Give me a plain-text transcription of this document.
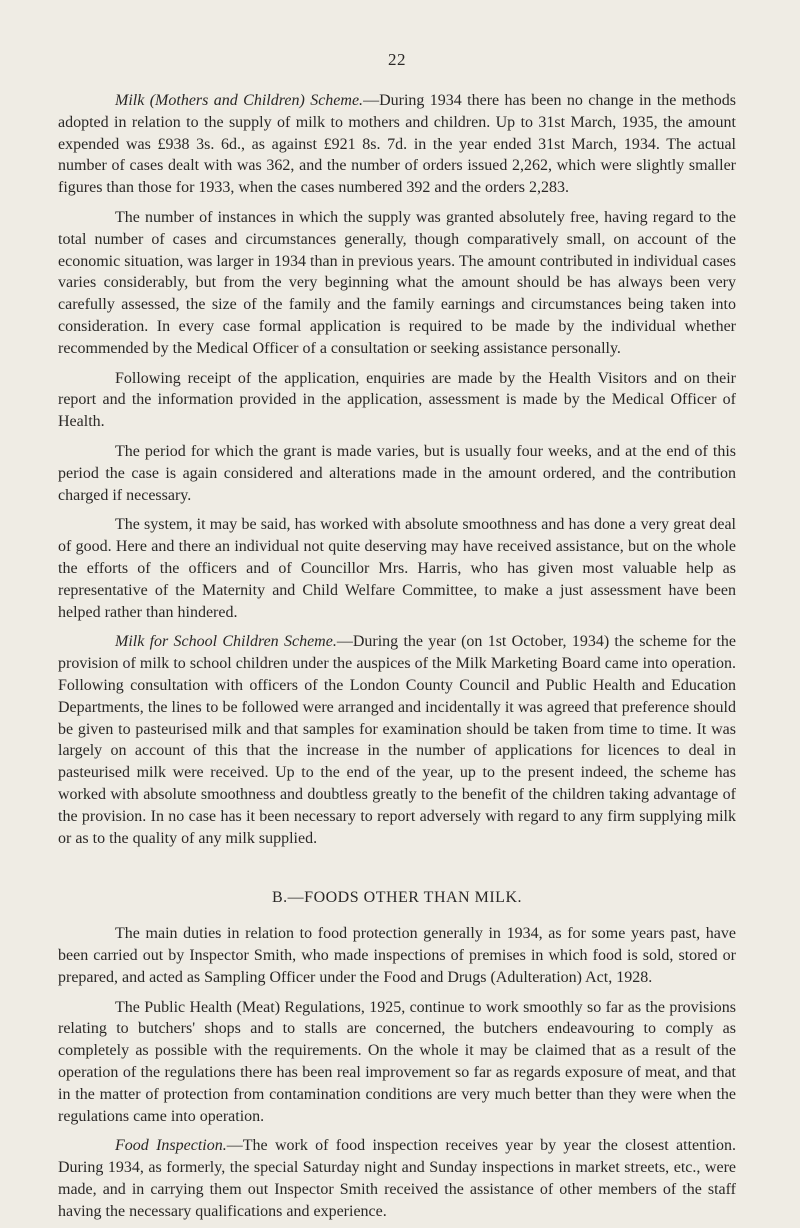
22

Milk (Mothers and Children) Scheme.—During 1934 there has been no change in the methods adopted in relation to the supply of milk to mothers and children. Up to 31st March, 1935, the amount expended was £938 3s. 6d., as against £921 8s. 7d. in the year ended 31st March, 1934. The actual number of cases dealt with was 362, and the number of orders issued 2,262, which were slightly smaller figures than those for 1933, when the cases numbered 392 and the orders 2,283.

The number of instances in which the supply was granted absolutely free, having regard to the total number of cases and circumstances generally, though comparatively small, on account of the economic situation, was larger in 1934 than in previous years. The amount contributed in individual cases varies considerably, but from the very beginning what the amount should be has always been very carefully assessed, the size of the family and the family earnings and circumstances being taken into consideration. In every case formal application is required to be made by the individual whether recommended by the Medical Officer of a consultation or seeking assistance personally.

Following receipt of the application, enquiries are made by the Health Visitors and on their report and the information provided in the application, assessment is made by the Medical Officer of Health.

The period for which the grant is made varies, but is usually four weeks, and at the end of this period the case is again considered and alterations made in the amount ordered, and the contribution charged if necessary.

The system, it may be said, has worked with absolute smoothness and has done a very great deal of good. Here and there an individual not quite deserving may have received assistance, but on the whole the efforts of the officers and of Councillor Mrs. Harris, who has given most valuable help as representative of the Maternity and Child Welfare Committee, to make a just assessment have been helped rather than hindered.

Milk for School Children Scheme.—During the year (on 1st October, 1934) the scheme for the provision of milk to school children under the auspices of the Milk Marketing Board came into operation. Following consultation with officers of the London County Council and Public Health and Education Departments, the lines to be followed were arranged and incidentally it was agreed that preference should be given to pasteurised milk and that samples for examination should be taken from time to time. It was largely on account of this that the increase in the number of applications for licences to deal in pasteurised milk were received. Up to the end of the year, up to the present indeed, the scheme has worked with absolute smoothness and doubtless greatly to the benefit of the children taking advantage of the provision. In no case has it been necessary to report adversely with regard to any firm supplying milk or as to the quality of any milk supplied.

B.—FOODS OTHER THAN MILK.

The main duties in relation to food protection generally in 1934, as for some years past, have been carried out by Inspector Smith, who made inspections of premises in which food is sold, stored or prepared, and acted as Sampling Officer under the Food and Drugs (Adulteration) Act, 1928.

The Public Health (Meat) Regulations, 1925, continue to work smoothly so far as the provisions relating to butchers' shops and to stalls are concerned, the butchers endeavouring to comply as completely as possible with the requirements. On the whole it may be claimed that as a result of the operation of the regulations there has been real improvement so far as regards exposure of meat, and that in the matter of protection from contamination conditions are very much better than they were when the regulations came into operation.

Food Inspection.—The work of food inspection receives year by year the closest attention. During 1934, as formerly, the special Saturday night and Sunday inspections in market streets, etc., were made, and in carrying them out Inspector Smith received the assistance of other members of the staff having the necessary qualifications and experience.
